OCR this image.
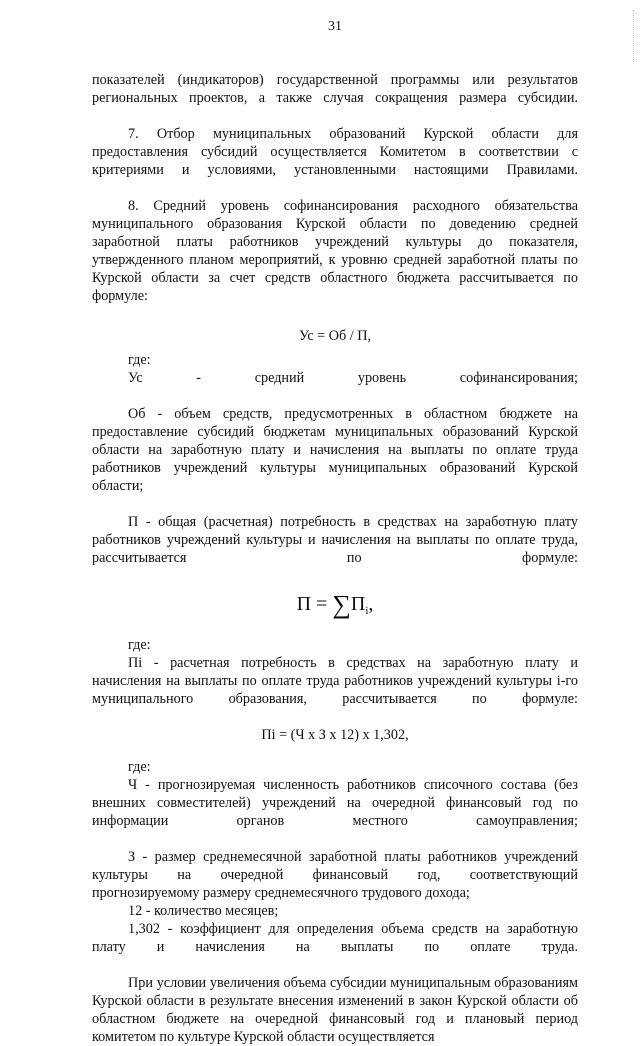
31

показателей (индикаторов) государственной программы или результатов региональных проектов, а также случая сокращения размера субсидии.

7. Отбор муниципальных образований Курской области для предоставления субсидий осуществляется Комитетом в соответствии с критериями и условиями, установленными настоящими Правилами.

8. Средний уровень софинансирования расходного обязательства муниципального образования Курской области по доведению средней заработной платы работников учреждений культуры до показателя, утвержденного планом мероприятий, к уровню средней заработной платы по Курской области за счет средств областного бюджета рассчитывается по формуле:

Ус = Об / П,

где:

Ус - средний уровень софинансирования;

Об - объем средств, предусмотренных в областном бюджете на предоставление субсидий бюджетам муниципальных образований Курской области на заработную плату и начисления на выплаты по оплате труда работников учреждений культуры муниципальных образований Курской области;

П - общая (расчетная) потребность в средствах на заработную плату работников учреждений культуры и начисления на выплаты по оплате труда, рассчитывается по формуле:

$П = \sum П_i$,

где:

Пi - расчетная потребность в средствах на заработную плату и начисления на выплаты по оплате труда работников учреждений культуры i-го муниципального образования, рассчитывается по формуле:

Пi = (Ч х З х 12) х 1,302,

где:

Ч - прогнозируемая численность работников списочного состава (без внешних совместителей) учреждений на очередной финансовый год по информации органов местного самоуправления;

З - размер среднемесячной заработной платы работников учреждений

культуры на очередной финансовый год, соответствующий

прогнозируемому размеру среднемесячного трудового дохода;

12 - количество месяцев;

1,302 - коэффициент для определения объема средств на заработную плату и начисления на выплаты по оплате труда.

При условии увеличения объема субсидии муниципальным образованиям Курской области в результате внесения изменений в закон Курской области об областном бюджете на очередной финансовый год и плановый период комитетом по культуре Курской области осуществляется
